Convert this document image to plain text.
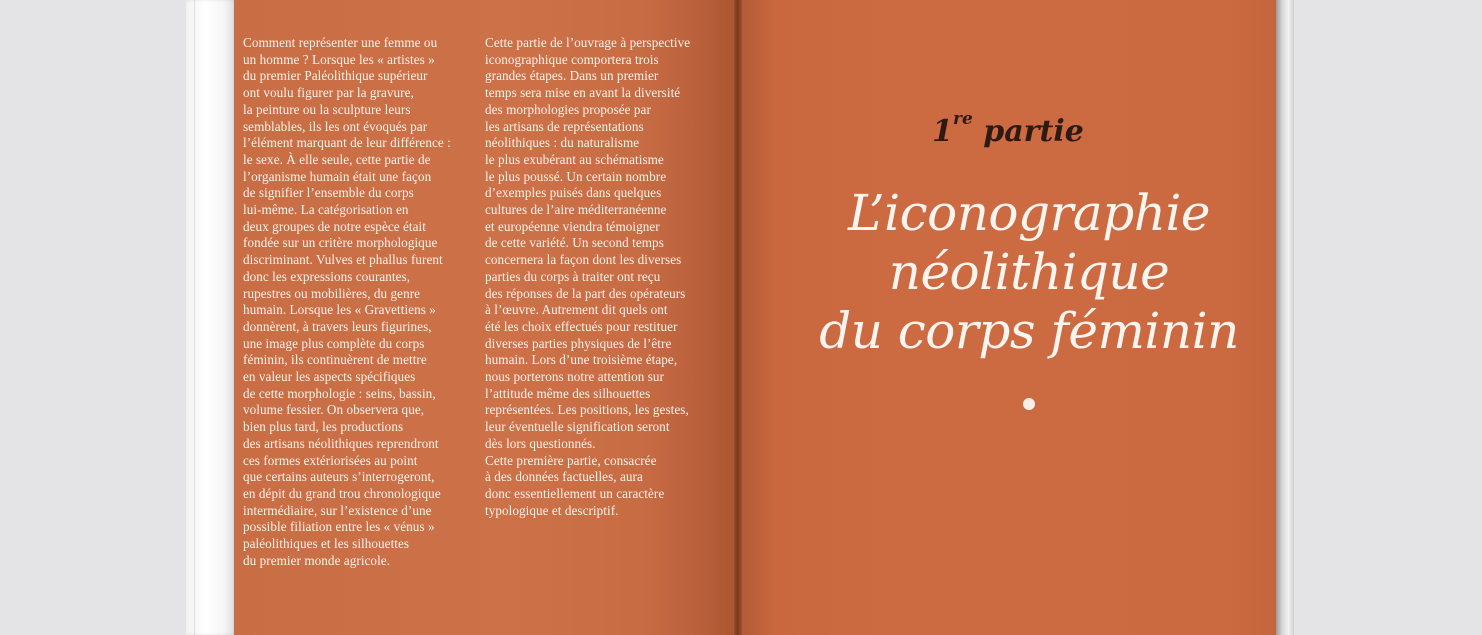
Comment représenter une femme ou
un homme ? Lorsque les « artistes »
du premier Paléolithique supérieur
ont voulu figurer par la gravure,
la peinture ou la sculpture leurs
semblables, ils les ont évoqués par
l’élément marquant de leur différence :
le sexe. À elle seule, cette partie de
l’organisme humain était une façon
de signifier l’ensemble du corps
lui-même. La catégorisation en
deux groupes de notre espèce était
fondée sur un critère morphologique
discriminant. Vulves et phallus furent
donc les expressions courantes,
rupestres ou mobilières, du genre
humain. Lorsque les « Gravettiens »
donnèrent, à travers leurs figurines,
une image plus complète du corps
féminin, ils continuèrent de mettre
en valeur les aspects spécifiques
de cette morphologie : seins, bassin,
volume fessier. On observera que,
bien plus tard, les productions
des artisans néolithiques reprendront
ces formes extériorisées au point
que certains auteurs s’interrogeront,
en dépit du grand trou chronologique
intermédiaire, sur l’existence d’une
possible filiation entre les « vénus »
paléolithiques et les silhouettes
du premier monde agricole.
Cette partie de l’ouvrage à perspective
iconographique comportera trois
grandes étapes. Dans un premier
temps sera mise en avant la diversité
des morphologies proposée par
les artisans de représentations
néolithiques : du naturalisme
le plus exubérant au schématisme
le plus poussé. Un certain nombre
d’exemples puisés dans quelques
cultures de l’aire méditerranéenne
et européenne viendra témoigner
de cette variété. Un second temps
concernera la façon dont les diverses
parties du corps à traiter ont reçu
des réponses de la part des opérateurs
à l’œuvre. Autrement dit quels ont
été les choix effectués pour restituer
diverses parties physiques de l’être
humain. Lors d’une troisième étape,
nous porterons notre attention sur
l’attitude même des silhouettes
représentées. Les positions, les gestes,
leur éventuelle signification seront
dès lors questionnés.
Cette première partie, consacrée
à des données factuelles, aura
donc essentiellement un caractère
typologique et descriptif.
1re partie
L’iconographie
néolithique
du corps féminin
